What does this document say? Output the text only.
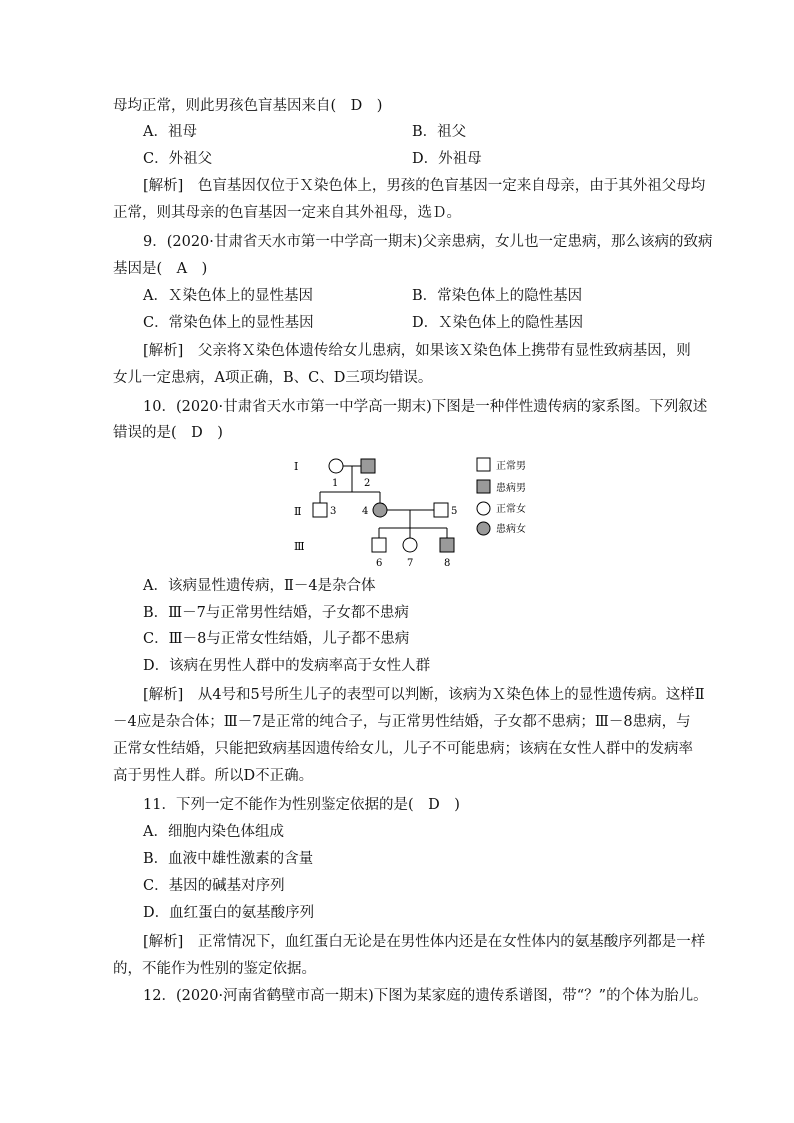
母均正常，则此男孩色盲基因来自(　D　)
A．祖母	B．祖父
C．外祖父	D．外祖母
[解析]　色盲基因仅位于Ｘ染色体上，男孩的色盲基因一定来自母亲，由于其外祖父母均
正常，则其母亲的色盲基因一定来自其外祖母，选Ｄ。
9．(2020·甘肃省天水市第一中学高一期末)父亲患病，女儿也一定患病，那么该病的致病
基因是(　A　)
A．Ｘ染色体上的显性基因	B．常染色体上的隐性基因
C．常染色体上的显性基因	D．Ｘ染色体上的隐性基因
[解析]　父亲将Ｘ染色体遗传给女儿患病，如果该Ｘ染色体上携带有显性致病基因，则
女儿一定患病，A项正确，B、C、D三项均错误。
10．(2020·甘肃省天水市第一中学高一期末)下图是一种伴性遗传病的家系图。下列叙述
错误的是(　D　)
Ⅰ
Ⅱ
Ⅲ
1	2
3	4	5
6 7	8
正常男
患病男
正常女
患病女
A．该病显性遗传病，Ⅱ－4是杂合体
B．Ⅲ－7与正常男性结婚，子女都不患病
C．Ⅲ－8与正常女性结婚，儿子都不患病
D．该病在男性人群中的发病率高于女性人群
[解析]　从4号和5号所生儿子的表型可以判断，该病为Ｘ染色体上的显性遗传病。这样Ⅱ
－4应是杂合体；Ⅲ－7是正常的纯合子，与正常男性结婚，子女都不患病；Ⅲ－8患病，与
正常女性结婚，只能把致病基因遗传给女儿，儿子不可能患病；该病在女性人群中的发病率
高于男性人群。所以D不正确。
11．下列一定不能作为性别鉴定依据的是(　D　)
A．细胞内染色体组成
B．血液中雄性激素的含量
C．基因的碱基对序列
D．血红蛋白的氨基酸序列
[解析]　正常情况下，血红蛋白无论是在男性体内还是在女性体内的氨基酸序列都是一样
的，不能作为性别的鉴定依据。
12．(2020·河南省鹤壁市高一期末)下图为某家庭的遗传系谱图，带“？”的个体为胎儿。
